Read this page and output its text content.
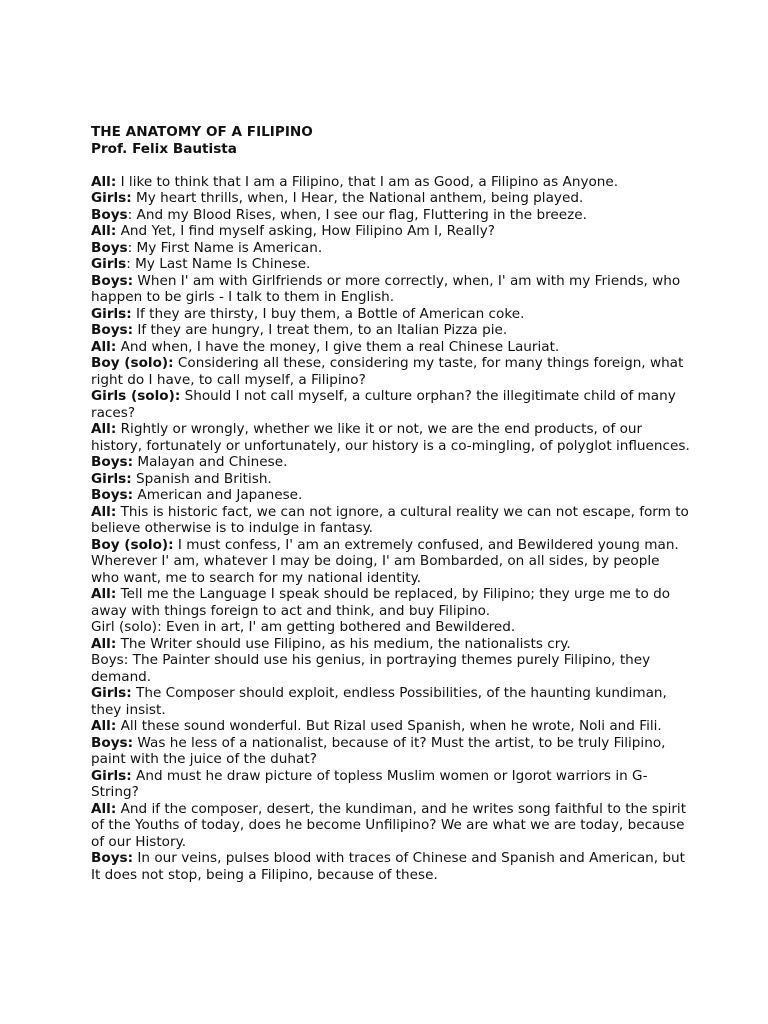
THE ANATOMY OF A FILIPINO

Prof. Felix Bautista

All: I like to think that I am a Filipino, that I am as Good, a Filipino as Anyone.

Girls: My heart thrills, when, I Hear, the National anthem, being played.

Boys: And my Blood Rises, when, I see our flag, Fluttering in the breeze.

All: And Yet, I find myself asking, How Filipino Am I, Really?

Boys: My First Name is American.

Girls: My Last Name Is Chinese.

Boys: When I' am with Girlfriends or more correctly, when, I' am with my Friends, who happen to be girls - I talk to them in English.

Girls: If they are thirsty, I buy them, a Bottle of American coke.

Boys: If they are hungry, I treat them, to an Italian Pizza pie.

All: And when, I have the money, I give them a real Chinese Lauriat.

Boy (solo): Considering all these, considering my taste, for many things foreign, what right do I have, to call myself, a Filipino?

Girls (solo): Should I not call myself, a culture orphan? the illegitimate child of many races?

All: Rightly or wrongly, whether we like it or not, we are the end products, of our history, fortunately or unfortunately, our history is a co-mingling, of polyglot influences.

Boys: Malayan and Chinese.

Girls: Spanish and British.

Boys: American and Japanese.

All: This is historic fact, we can not ignore, a cultural reality we can not escape, form to believe otherwise is to indulge in fantasy.

Boy (solo): I must confess, I' am an extremely confused, and Bewildered young man. Wherever I' am, whatever I may be doing, I' am Bombarded, on all sides, by people who want, me to search for my national identity.

All: Tell me the Language I speak should be replaced, by Filipino; they urge me to do away with things foreign to act and think, and buy Filipino.

Girl (solo): Even in art, I' am getting bothered and Bewildered.

All: The Writer should use Filipino, as his medium, the nationalists cry.

Boys: The Painter should use his genius, in portraying themes purely Filipino, they demand.

Girls: The Composer should exploit, endless Possibilities, of the haunting kundiman, they insist.

All: All these sound wonderful. But Rizal used Spanish, when he wrote, Noli and Fili.

Boys: Was he less of a nationalist, because of it? Must the artist, to be truly Filipino, paint with the juice of the duhat?

Girls: And must he draw picture of topless Muslim women or Igorot warriors in G-String?

All: And if the composer, desert, the kundiman, and he writes song faithful to the spirit of the Youths of today, does he become Unfilipino? We are what we are today, because of our History.

Boys: In our veins, pulses blood with traces of Chinese and Spanish and American, but It does not stop, being a Filipino, because of these.
